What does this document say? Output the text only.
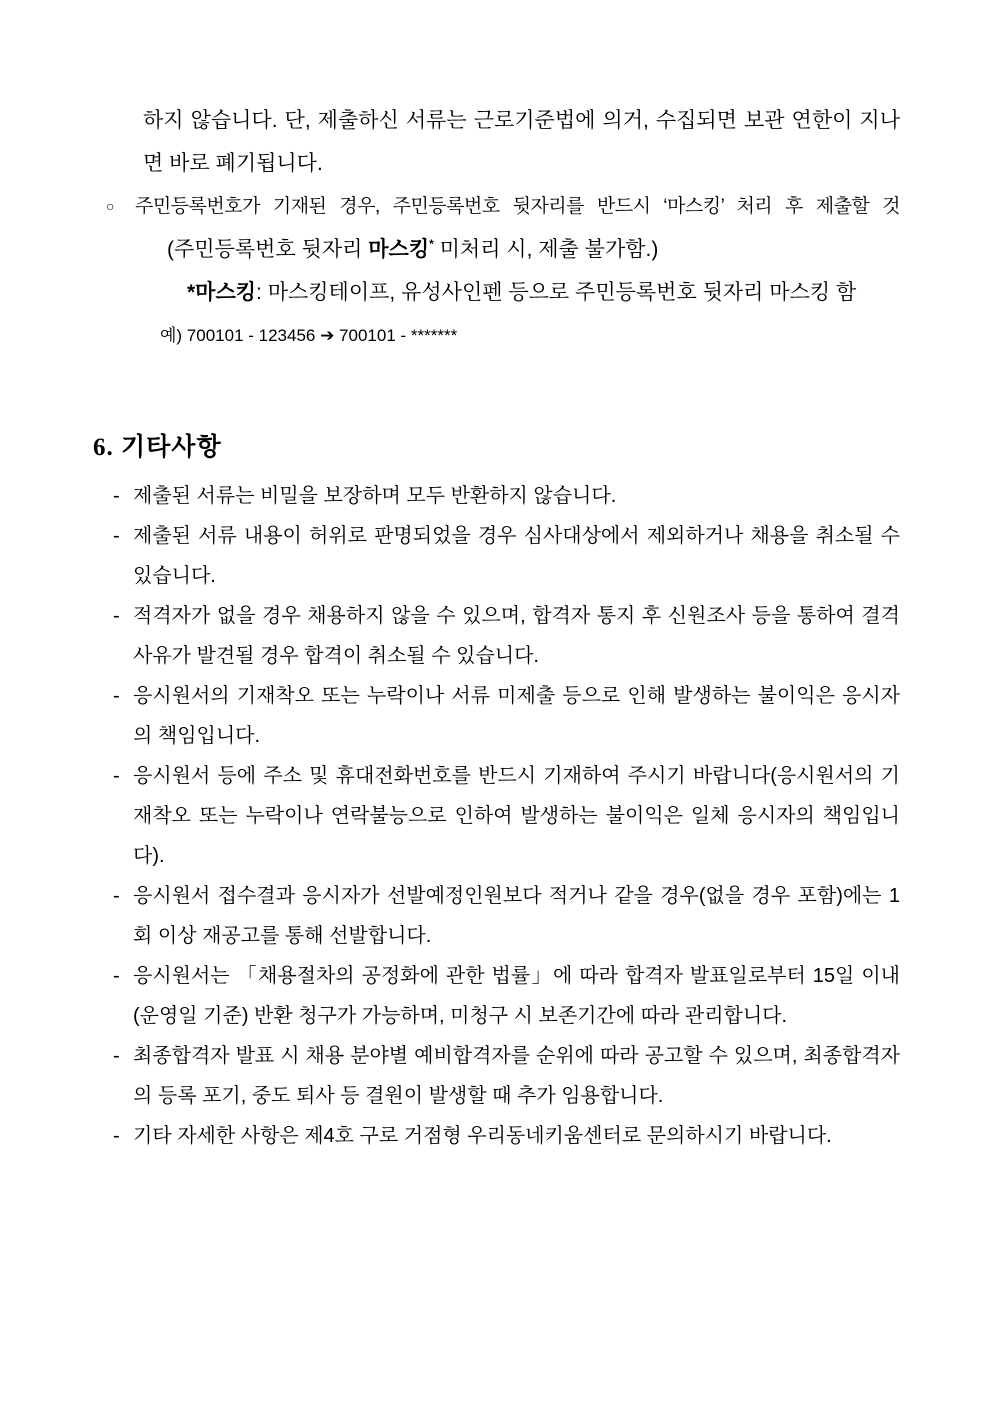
하지 않습니다. 단, 제출하신 서류는 근로기준법에 의거, 수집되면 보관 연한이 지나면 바로 폐기됩니다.
○ 주민등록번호가 기재된 경우, 주민등록번호 뒷자리를 반드시 ‘마스킹’ 처리 후 제출할 것
(주민등록번호 뒷자리 마스킹* 미처리 시, 제출 불가함.)
*마스킹: 마스킹테이프, 유성사인펜 등으로 주민등록번호 뒷자리 마스킹 함
예) 700101 - 123456 ➔ 700101 - *******
6. 기타사항
- 제출된 서류는 비밀을 보장하며 모두 반환하지 않습니다.
- 제출된 서류 내용이 허위로 판명되었을 경우 심사대상에서 제외하거나 채용을 취소될 수 있습니다.
- 적격자가 없을 경우 채용하지 않을 수 있으며, 합격자 통지 후 신원조사 등을 통하여 결격사유가 발견될 경우 합격이 취소될 수 있습니다.
- 응시원서의 기재착오 또는 누락이나 서류 미제출 등으로 인해 발생하는 불이익은 응시자의 책임입니다.
- 응시원서 등에 주소 및 휴대전화번호를 반드시 기재하여 주시기 바랍니다(응시원서의 기재착오 또는 누락이나 연락불능으로 인하여 발생하는 불이익은 일체 응시자의 책임입니다).
- 응시원서 접수결과 응시자가 선발예정인원보다 적거나 같을 경우(없을 경우 포함)에는 1회 이상 재공고를 통해 선발합니다.
- 응시원서는 「채용절차의 공정화에 관한 법률」에 따라 합격자 발표일로부터 15일 이내(운영일 기준) 반환 청구가 가능하며, 미청구 시 보존기간에 따라 관리합니다.
- 최종합격자 발표 시 채용 분야별 예비합격자를 순위에 따라 공고할 수 있으며, 최종합격자의 등록 포기, 중도 퇴사 등 결원이 발생할 때 추가 임용합니다.
- 기타 자세한 사항은 제4호 구로 거점형 우리동네키움센터로 문의하시기 바랍니다.
